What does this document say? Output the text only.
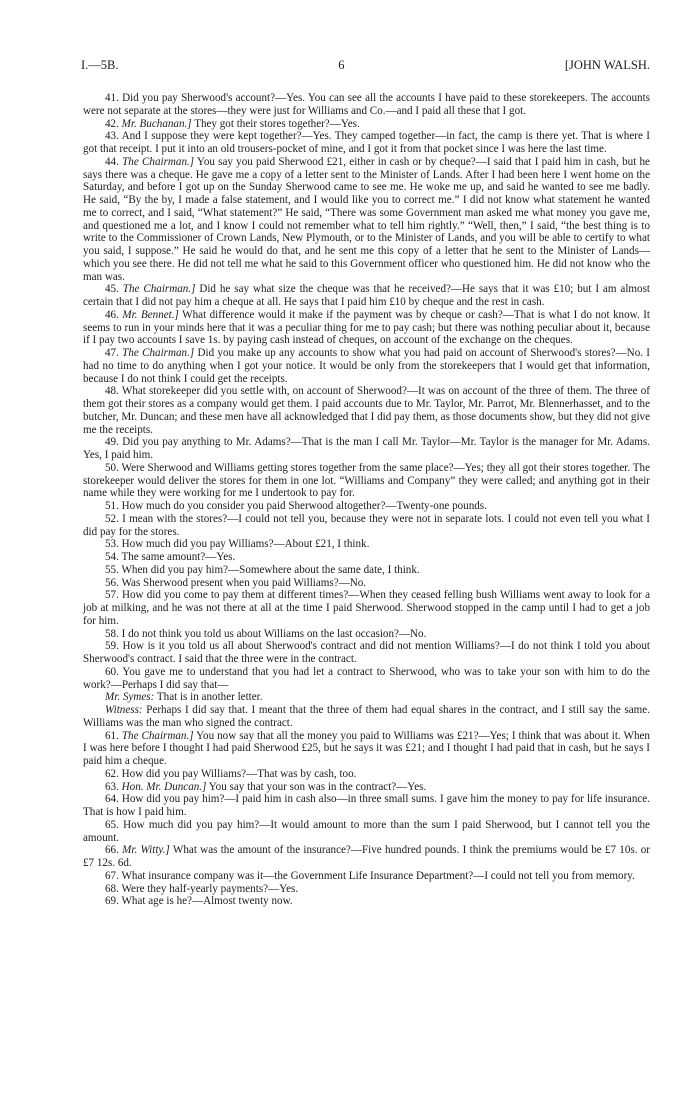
I.—5B.	6	[JOHN WALSH.

41. Did you pay Sherwood's account?—Yes. You can see all the accounts I have paid to these storekeepers. The accounts were not separate at the stores—they were just for Williams and Co.—and I paid all these that I got.

42. Mr. Buchanan.] They got their stores together?—Yes.

43. And I suppose they were kept together?—Yes. They camped together—in fact, the camp is there yet. That is where I got that receipt. I put it into an old trousers-pocket of mine, and I got it from that pocket since I was here the last time.

44. The Chairman.] You say you paid Sherwood £21, either in cash or by cheque?—I said that I paid him in cash, but he says there was a cheque. He gave me a copy of a letter sent to the Minister of Lands. After I had been here I went home on the Saturday, and before I got up on the Sunday Sherwood came to see me. He woke me up, and said he wanted to see me badly. He said, “By the by, I made a false statement, and I would like you to correct me.” I did not know what statement he wanted me to correct, and I said, “What statement?” He said, “There was some Government man asked me what money you gave me, and questioned me a lot, and I know I could not remember what to tell him rightly.” “Well, then,” I said, “the best thing is to write to the Commissioner of Crown Lands, New Plymouth, or to the Minister of Lands, and you will be able to certify to what you said, I suppose.” He said he would do that, and he sent me this copy of a letter that he sent to the Minister of Lands—which you see there. He did not tell me what he said to this Government officer who questioned him. He did not know who the man was.

45. The Chairman.] Did he say what size the cheque was that he received?—He says that it was £10; but I am almost certain that I did not pay him a cheque at all. He says that I paid him £10 by cheque and the rest in cash.

46. Mr. Bennet.] What difference would it make if the payment was by cheque or cash?—That is what I do not know. It seems to run in your minds here that it was a peculiar thing for me to pay cash; but there was nothing peculiar about it, because if I pay two accounts I save 1s. by paying cash instead of cheques, on account of the exchange on the cheques.

47. The Chairman.] Did you make up any accounts to show what you had paid on account of Sherwood's stores?—No. I had no time to do anything when I got your notice. It would be only from the storekeepers that I would get that information, because I do not think I could get the receipts.

48. What storekeeper did you settle with, on account of Sherwood?—It was on account of the three of them. The three of them got their stores as a company would get them. I paid accounts due to Mr. Taylor, Mr. Parrot, Mr. Blennerhasset, and to the butcher, Mr. Duncan; and these men have all acknowledged that I did pay them, as those documents show, but they did not give me the receipts.

49. Did you pay anything to Mr. Adams?—That is the man I call Mr. Taylor—Mr. Taylor is the manager for Mr. Adams. Yes, I paid him.

50. Were Sherwood and Williams getting stores together from the same place?—Yes; they all got their stores together. The storekeeper would deliver the stores for them in one lot. “Williams and Company” they were called; and anything got in their name while they were working for me I undertook to pay for.

51. How much do you consider you paid Sherwood altogether?—Twenty-one pounds.

52. I mean with the stores?—I could not tell you, because they were not in separate lots. I could not even tell you what I did pay for the stores.

53. How much did you pay Williams?—About £21, I think.

54. The same amount?—Yes.

55. When did you pay him?—Somewhere about the same date, I think.

56. Was Sherwood present when you paid Williams?—No.

57. How did you come to pay them at different times?—When they ceased felling bush Williams went away to look for a job at milking, and he was not there at all at the time I paid Sherwood. Sherwood stopped in the camp until I had to get a job for him.

58. I do not think you told us about Williams on the last occasion?—No.

59. How is it you told us all about Sherwood's contract and did not mention Williams?—I do not think I told you about Sherwood's contract. I said that the three were in the contract.

60. You gave me to understand that you had let a contract to Sherwood, who was to take your son with him to do the work?—Perhaps I did say that—

Mr. Symes: That is in another letter.

Witness: Perhaps I did say that. I meant that the three of them had equal shares in the contract, and I still say the same. Williams was the man who signed the contract.

61. The Chairman.] You now say that all the money you paid to Williams was £21?—Yes; I think that was about it. When I was here before I thought I had paid Sherwood £25, but he says it was £21; and I thought I had paid that in cash, but he says I paid him a cheque.

62. How did you pay Williams?—That was by cash, too.

63. Hon. Mr. Duncan.] You say that your son was in the contract?—Yes.

64. How did you pay him?—I paid him in cash also—in three small sums. I gave him the money to pay for life insurance. That is how I paid him.

65. How much did you pay him?—It would amount to more than the sum I paid Sherwood, but I cannot tell you the amount.

66. Mr. Witty.] What was the amount of the insurance?—Five hundred pounds. I think the premiums would be £7 10s. or £7 12s. 6d.

67. What insurance company was it—the Government Life Insurance Department?—I could not tell you from memory.

68. Were they half-yearly payments?—Yes.

69. What age is he?—Almost twenty now.
